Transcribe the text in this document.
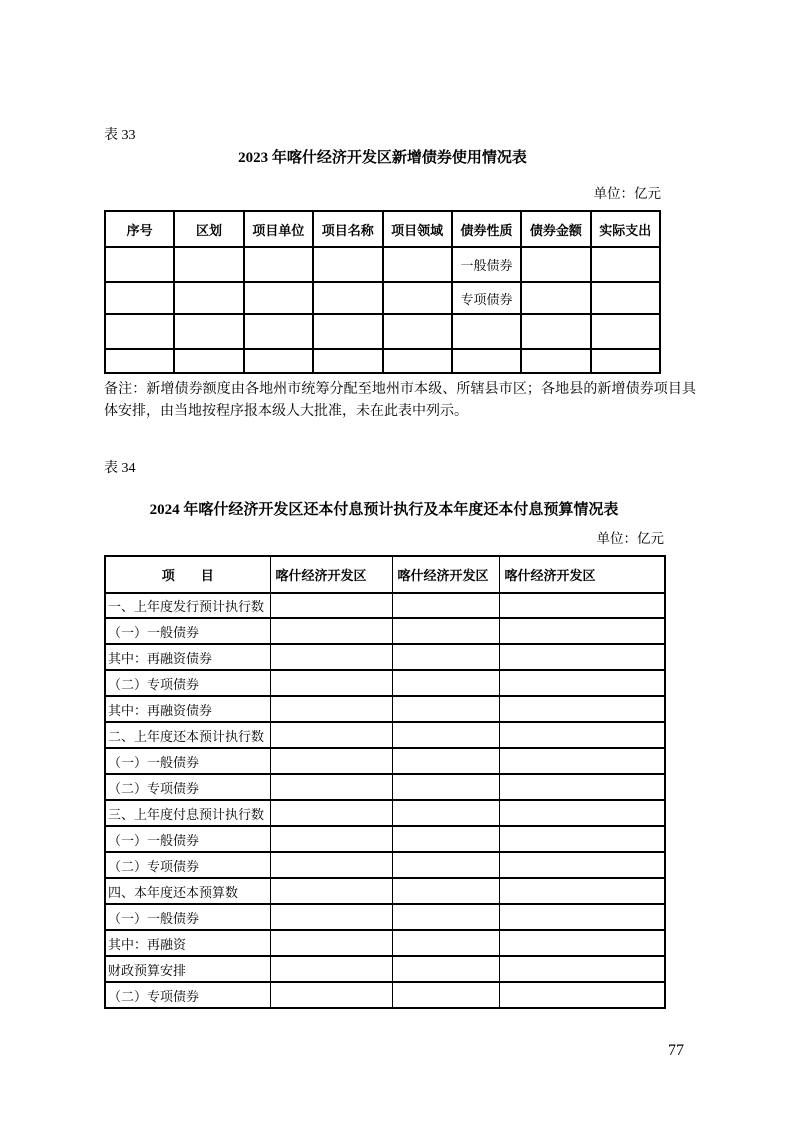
表 33
2023 年喀什经济开发区新增债券使用情况表
单位：亿元
序号	区划	项目单位	项目名称	项目领域	债券性质	债券金额	实际支出
					一般债券		
					专项债券		

备注：新增债券额度由各地州市统筹分配至地州市本级、所辖县市区；各地县的新增债券项目具体安排，由当地按程序报本级人大批准，未在此表中列示。

表 34
2024 年喀什经济开发区还本付息预计执行及本年度还本付息预算情况表
单位：亿元
项　　目	喀什经济开发区	喀什经济开发区	喀什经济开发区
一、上年度发行预计执行数			
（一）一般债券			
其中：再融资债券			
（二）专项债券			
其中：再融资债券			
二、上年度还本预计执行数			
（一）一般债券			
（二）专项债券			
三、上年度付息预计执行数			
（一）一般债券			
（二）专项债券			
四、本年度还本预算数			
（一）一般债券			
其中：再融资			
财政预算安排			
（二）专项债券			
77
